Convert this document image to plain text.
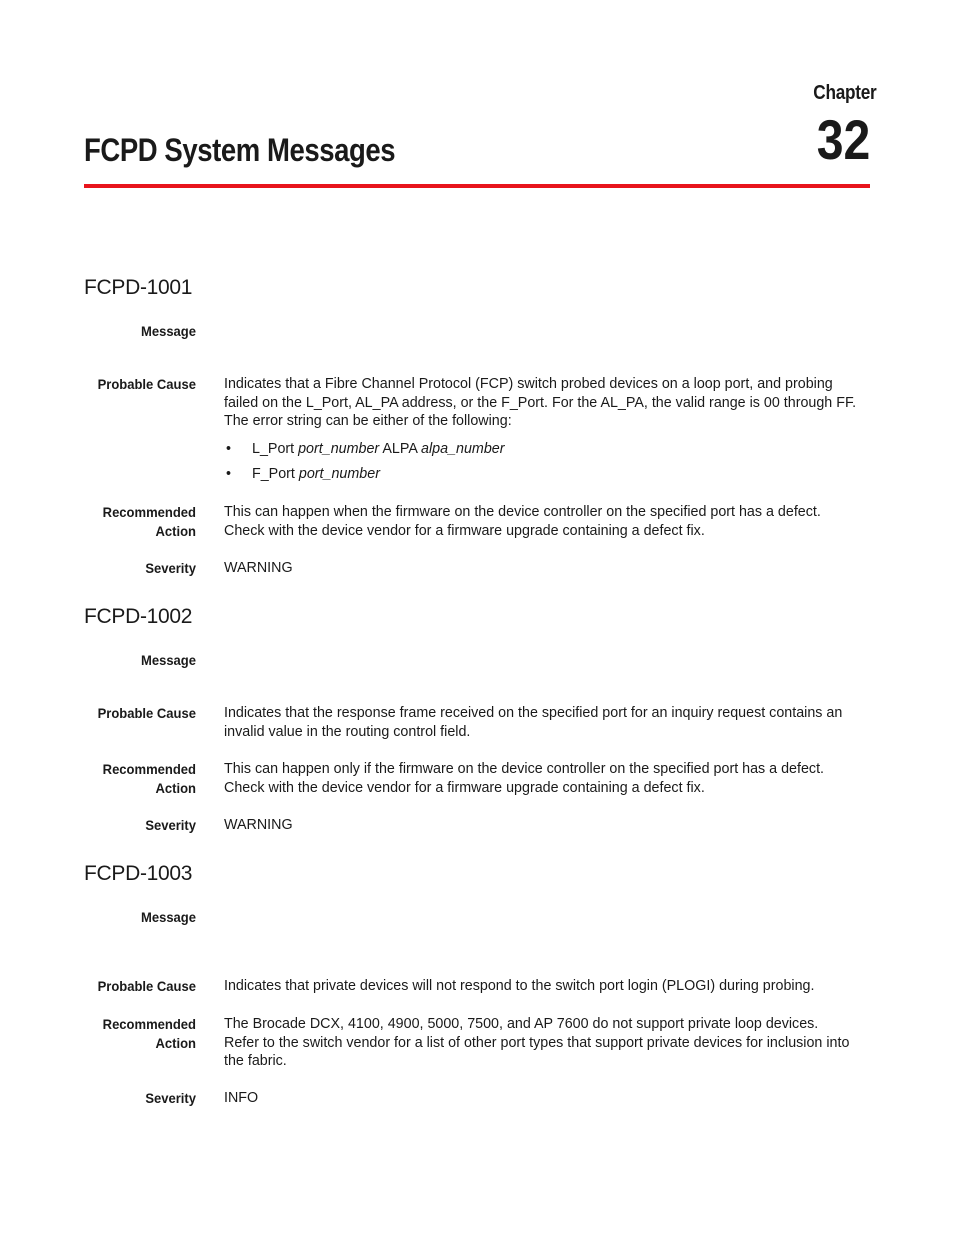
Chapter
32
FCPD System Messages
FCPD-1001
Message
Probable Cause Indicates that a Fibre Channel Protocol (FCP) switch probed devices on a loop port, and probing
failed on the L_Port, AL_PA address, or the F_Port. For the AL_PA, the valid range is 00 through FF.
The error string can be either of the following:
• L_Port port_number ALPA alpa_number
• F_Port port_number
Recommended
Action
This can happen when the firmware on the device controller on the specified port has a defect.
Check with the device vendor for a firmware upgrade containing a defect fix.
Severity WARNING
FCPD-1002
Message
Probable Cause Indicates that the response frame received on the specified port for an inquiry request contains an
invalid value in the routing control field.
Recommended
Action
This can happen only if the firmware on the device controller on the specified port has a defect.
Check with the device vendor for a firmware upgrade containing a defect fix.
Severity WARNING
FCPD-1003
Message
Probable Cause Indicates that private devices will not respond to the switch port login (PLOGI) during probing.
Recommended
Action
The Brocade DCX, 4100, 4900, 5000, 7500, and AP 7600 do not support private loop devices.
Refer to the switch vendor for a list of other port types that support private devices for inclusion into
the fabric.
Severity INFO
